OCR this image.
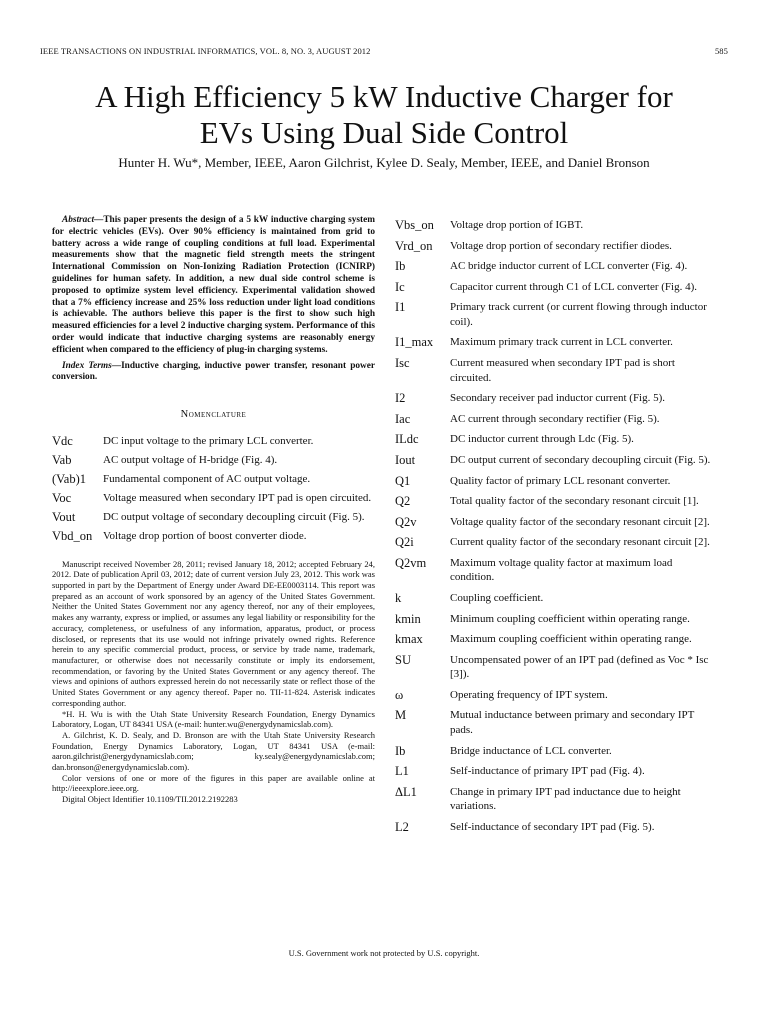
IEEE TRANSACTIONS ON INDUSTRIAL INFORMATICS, VOL. 8, NO. 3, AUGUST 2012	585
A High Efficiency 5 kW Inductive Charger for
EVs Using Dual Side Control
Hunter H. Wu*, Member, IEEE, Aaron Gilchrist, Kylee D. Sealy, Member, IEEE, and Daniel Bronson

Abstract—This paper presents the design of a 5 kW inductive charging system for electric vehicles (EVs). Over 90% efficiency is maintained from grid to battery across a wide range of coupling conditions at full load. Experimental measurements show that the magnetic field strength meets the stringent International Commission on Non-Ionizing Radiation Protection (ICNIRP) guidelines for human safety. In addition, a new dual side control scheme is proposed to optimize system level efficiency. Experimental validation showed that a 7% efficiency increase and 25% loss reduction under light load conditions is achievable. The authors believe this paper is the first to show such high measured efficiencies for a level 2 inductive charging system. Performance of this order would indicate that inductive charging systems are reasonably energy efficient when compared to the efficiency of plug-in charging systems.

Index Terms—Inductive charging, inductive power transfer, resonant power conversion.

Nomenclature
Vdc	DC input voltage to the primary LCL converter.
Vab	AC output voltage of H-bridge (Fig. 4).
(Vab)1	Fundamental component of AC output voltage.
Voc	Voltage measured when secondary IPT pad is open circuited.
Vout	DC output voltage of secondary decoupling circuit (Fig. 5).
Vbd_on Voltage drop portion of boost converter diode.

Manuscript received November 28, 2011; revised January 18, 2012; accepted February 24, 2012. Date of publication April 03, 2012; date of current version July 23, 2012. This work was supported in part by the Department of Energy under Award DE-EE0003114. This report was prepared as an account of work sponsored by an agency of the United States Government. Neither the United States Government nor any agency thereof, nor any of their employees, makes any warranty, express or implied, or assumes any legal liability or responsibility for the accuracy, completeness, or usefulness of any information, apparatus, product, or process disclosed, or represents that its use would not infringe privately owned rights. Reference herein to any specific commercial product, process, or service by trade name, trademark, manufacturer, or otherwise does not necessarily constitute or imply its endorsement, recommendation, or favoring by the United States Government or any agency thereof. The views and opinions of authors expressed herein do not necessarily state or reflect those of the United States Government or any agency thereof. Paper no. TII-11-824. Asterisk indicates corresponding author.

*H. H. Wu is with the Utah State University Research Foundation, Energy Dynamics Laboratory, Logan, UT 84341 USA (e-mail: hunter.wu@energydynamicslab.com).

A. Gilchrist, K. D. Sealy, and D. Bronson are with the Utah State University Research Foundation, Energy Dynamics Laboratory, Logan, UT 84341 USA (e-mail: aaron.gilchrist@energydynamicslab.com; ky.sealy@energydynamicslab.com; dan.bronson@energydynamicslab.com).

Color versions of one or more of the figures in this paper are available online at http://ieeexplore.ieee.org.

Digital Object Identifier 10.1109/TII.2012.2192283

Vbs_on	Voltage drop portion of IGBT.
Vrd_on	Voltage drop portion of secondary rectifier diodes.
Ib	AC bridge inductor current of LCL converter (Fig. 4).
Ic	Capacitor current through C1 of LCL converter (Fig. 4).
I1	Primary track current (or current flowing through inductor coil).
I1_max	Maximum primary track current in LCL converter.
Isc	Current measured when secondary IPT pad is short circuited.
I2	Secondary receiver pad inductor current (Fig. 5).
Iac	AC current through secondary rectifier (Fig. 5).
ILdc	DC inductor current through Ldc (Fig. 5).
Iout	DC output current of secondary decoupling circuit (Fig. 5).
Q1	Quality factor of primary LCL resonant converter.
Q2	Total quality factor of the secondary resonant circuit [1].
Q2v	Voltage quality factor of the secondary resonant circuit [2].
Q2i	Current quality factor of the secondary resonant circuit [2].
Q2vm	Maximum voltage quality factor at maximum load condition.
k	Coupling coefficient.
kmin	Minimum coupling coefficient within operating range.
kmax	Maximum coupling coefficient within operating range.
SU	Uncompensated power of an IPT pad (defined as Voc * Isc [3]).
ω	Operating frequency of IPT system.
M	Mutual inductance between primary and secondary IPT pads.
Ib	Bridge inductance of LCL converter.
L1	Self-inductance of primary IPT pad (Fig. 4).
ΔL1	Change in primary IPT pad inductance due to height variations.
L2	Self-inductance of secondary IPT pad (Fig. 5).
U.S. Government work not protected by U.S. copyright.
